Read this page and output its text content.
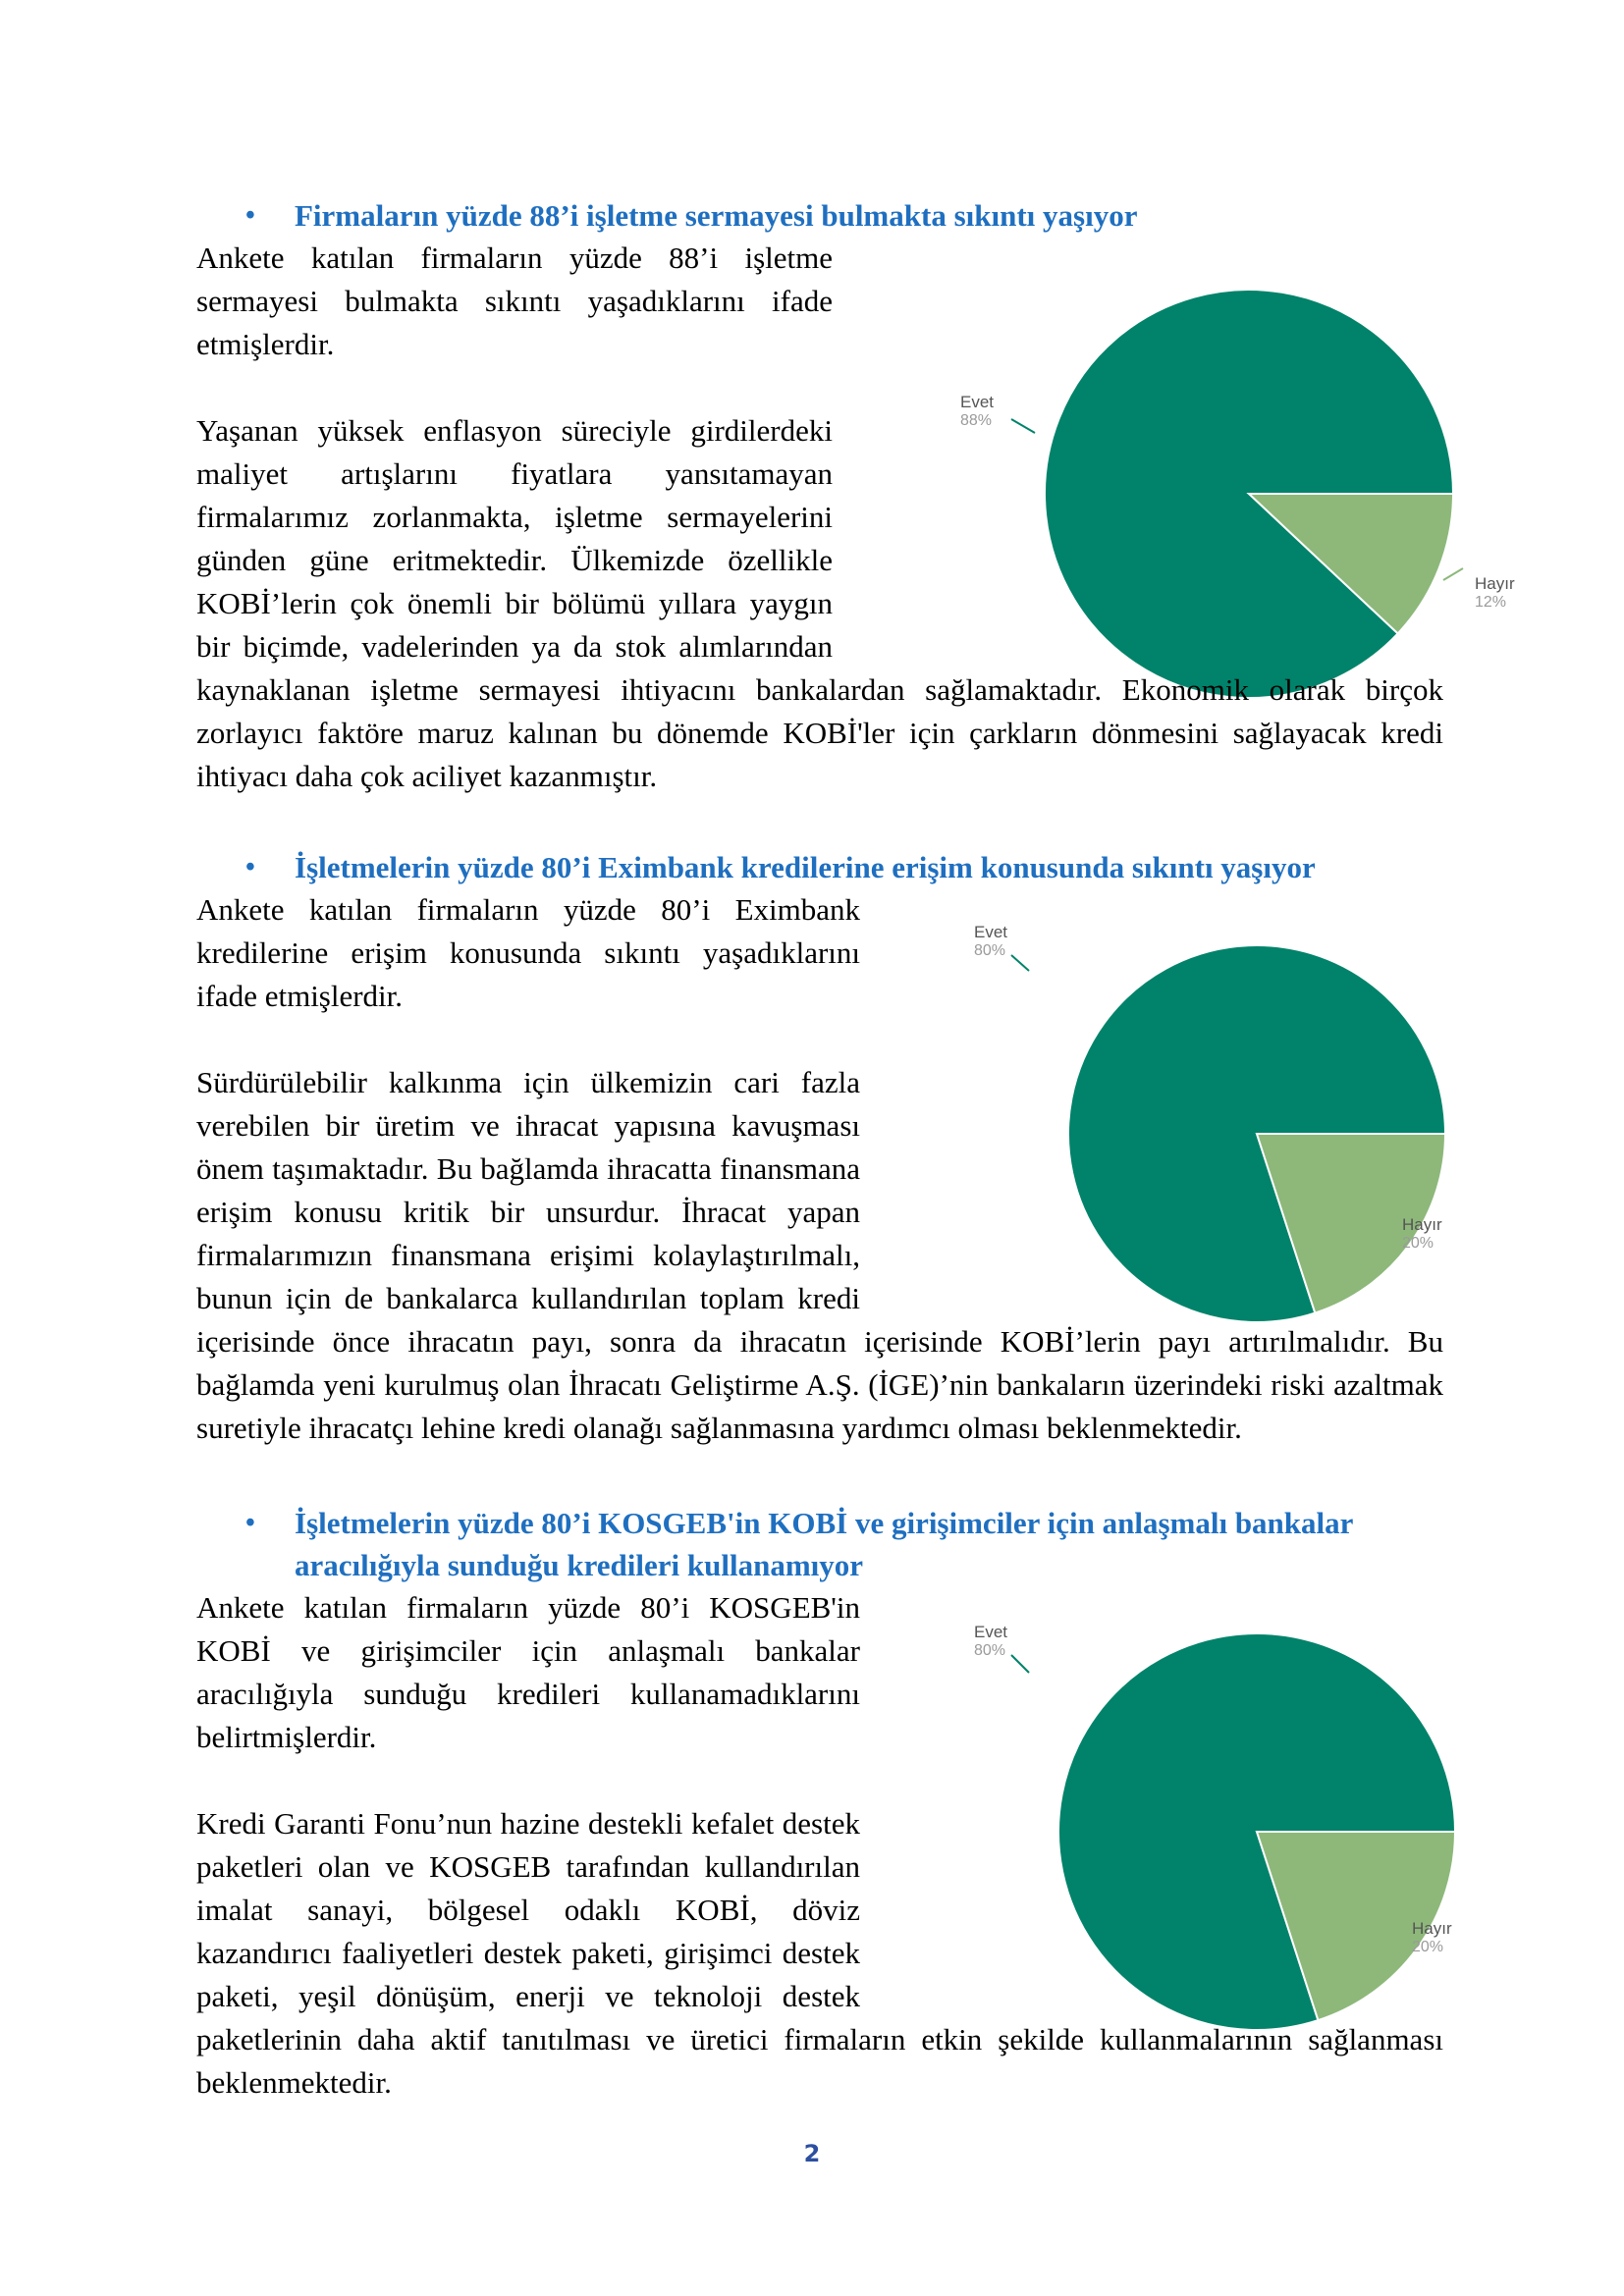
• Firmaların yüzde 88’i işletme sermayesi bulmakta sıkıntı yaşıyor
Evet
88%
Hayır
12%

Ankete katılan firmaların yüzde 88’i işletme sermayesi bulmakta sıkıntı yaşadıklarını ifade etmişlerdir.

Yaşanan yüksek enflasyon süreciyle girdilerdeki maliyet artışlarını fiyatlara yansıtamayan firmalarımız zorlanmakta, işletme sermayelerini günden güne eritmektedir. Ülkemizde özellikle KOBİ’lerin çok önemli bir bölümü yıllara yaygın bir biçimde, vadelerinden ya da stok alımlarından kaynaklanan işletme sermayesi ihtiyacını bankalardan sağlamaktadır. Ekonomik olarak birçok zorlayıcı faktöre maruz kalınan bu dönemde KOBİ'ler için çarkların dönmesini sağlayacak kredi ihtiyacı daha çok aciliyet kazanmıştır.

• İşletmelerin yüzde 80’i Eximbank kredilerine erişim konusunda sıkıntı yaşıyor
Evet
80%
Hayır
20%

Ankete katılan firmaların yüzde 80’i Eximbank kredilerine erişim konusunda sıkıntı yaşadıklarını ifade etmişlerdir.

Sürdürülebilir kalkınma için ülkemizin cari fazla verebilen bir üretim ve ihracat yapısına kavuşması önem taşımaktadır. Bu bağlamda ihracatta finansmana erişim konusu kritik bir unsurdur. İhracat yapan firmalarımızın finansmana erişimi kolaylaştırılmalı, bunun için de bankalarca kullandırılan toplam kredi içerisinde önce ihracatın payı, sonra da ihracatın içerisinde KOBİ’lerin payı artırılmalıdır. Bu bağlamda yeni kurulmuş olan İhracatı Geliştirme A.Ş. (İGE)’nin bankaların üzerindeki riski azaltmak suretiyle ihracatçı lehine kredi olanağı sağlanmasına yardımcı olması beklenmektedir.

• İşletmelerin yüzde 80’i KOSGEB'in KOBİ ve girişimciler için anlaşmalı bankalar aracılığıyla sunduğu kredileri kullanamıyor
Evet
80%
Hayır
20%

Ankete katılan firmaların yüzde 80’i KOSGEB'in KOBİ ve girişimciler için anlaşmalı bankalar aracılığıyla sunduğu kredileri kullanamadıklarını belirtmişlerdir.

Kredi Garanti Fonu’nun hazine destekli kefalet destek paketleri olan ve KOSGEB tarafından kullandırılan imalat sanayi, bölgesel odaklı KOBİ, döviz kazandırıcı faaliyetleri destek paketi, girişimci destek paketi, yeşil dönüşüm, enerji ve teknoloji destek paketlerinin daha aktif tanıtılması ve üretici firmaların etkin şekilde kullanmalarının sağlanması beklenmektedir.

2
